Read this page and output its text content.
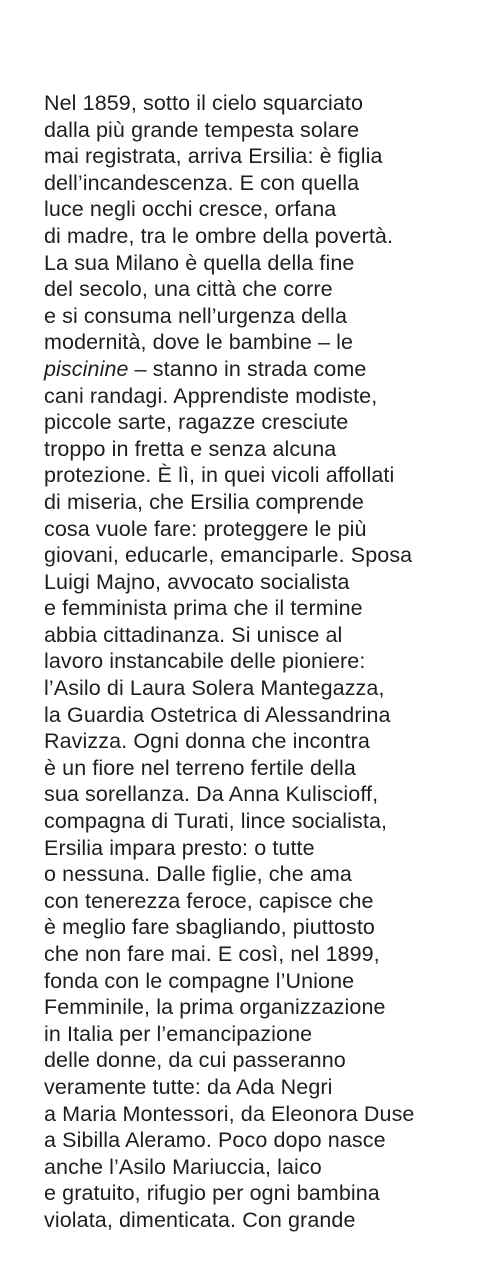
Nel 1859, sotto il cielo squarciato
dalla più grande tempesta solare
mai registrata, arriva Ersilia: è figlia
dell’incandescenza. E con quella
luce negli occhi cresce, orfana
di madre, tra le ombre della povertà.
La sua Milano è quella della fine
del secolo, una città che corre
e si consuma nell’urgenza della
modernità, dove le bambine – le
piscinine – stanno in strada come
cani randagi. Apprendiste modiste,
piccole sarte, ragazze cresciute
troppo in fretta e senza alcuna
protezione. È lì, in quei vicoli affollati
di miseria, che Ersilia comprende
cosa vuole fare: proteggere le più
giovani, educarle, emanciparle. Sposa
Luigi Majno, avvocato socialista
e femminista prima che il termine
abbia cittadinanza. Si unisce al
lavoro instancabile delle pioniere:
l’Asilo di Laura Solera Mantegazza,
la Guardia Ostetrica di Alessandrina
Ravizza. Ogni donna che incontra
è un fiore nel terreno fertile della
sua sorellanza. Da Anna Kuliscioff,
compagna di Turati, lince socialista,
Ersilia impara presto: o tutte
o nessuna. Dalle figlie, che ama
con tenerezza feroce, capisce che
è meglio fare sbagliando, piuttosto
che non fare mai. E così, nel 1899,
fonda con le compagne l’Unione
Femminile, la prima organizzazione
in Italia per l’emancipazione
delle donne, da cui passeranno
veramente tutte: da Ada Negri
a Maria Montessori, da Eleonora Duse
a Sibilla Aleramo. Poco dopo nasce
anche l’Asilo Mariuccia, laico
e gratuito, rifugio per ogni bambina
violata, dimenticata. Con grande
